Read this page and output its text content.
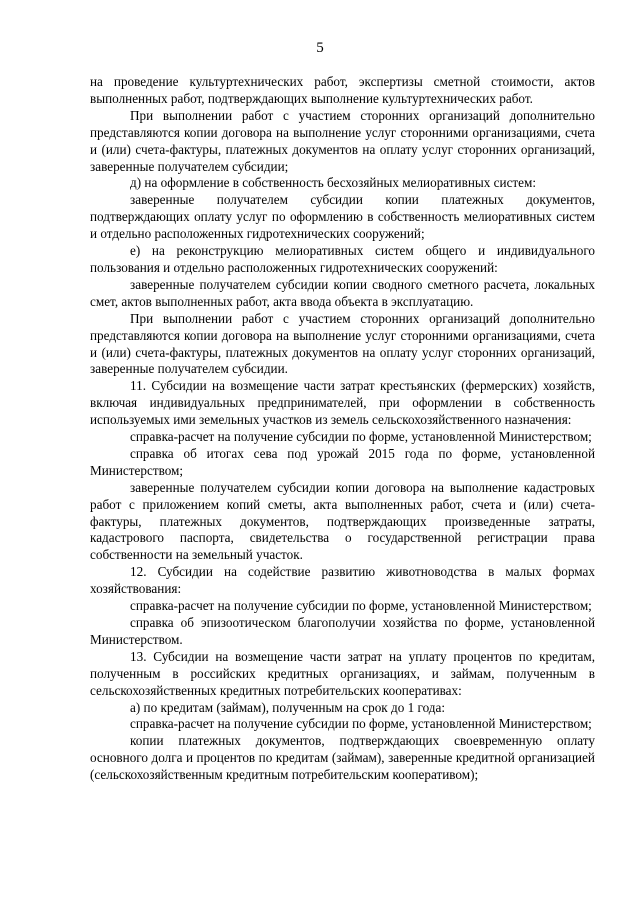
5

на проведение культуртехнических работ, экспертизы сметной стоимости, актов выполненных работ, подтверждающих выполнение культуртехнических работ.

При выполнении работ с участием сторонних организаций дополнительно представляются копии договора на выполнение услуг сторонними организациями, счета и (или) счета-фактуры, платежных документов на оплату услуг сторонних организаций, заверенные получателем субсидии;

д) на оформление в собственность бесхозяйных мелиоративных систем:

заверенные получателем субсидии копии платежных документов, подтверждающих оплату услуг по оформлению в собственность мелиоративных систем и отдельно расположенных гидротехнических сооружений;

е) на реконструкцию мелиоративных систем общего и индивидуального пользования и отдельно расположенных гидротехнических сооружений:

заверенные получателем субсидии копии сводного сметного расчета, локальных смет, актов выполненных работ, акта ввода объекта в эксплуатацию.

При выполнении работ с участием сторонних организаций дополнительно представляются копии договора на выполнение услуг сторонними организациями, счета и (или) счета-фактуры, платежных документов на оплату услуг сторонних организаций, заверенные получателем субсидии.

11. Субсидии на возмещение части затрат крестьянских (фермерских) хозяйств, включая индивидуальных предпринимателей, при оформлении в собственность используемых ими земельных участков из земель сельскохозяйственного назначения:

справка-расчет на получение субсидии по форме, установленной Министерством;

справка об итогах сева под урожай 2015 года по форме, установленной Министерством;

заверенные получателем субсидии копии договора на выполнение кадастровых работ с приложением копий сметы, акта выполненных работ, счета и (или) счета-фактуры, платежных документов, подтверждающих произведенные затраты, кадастрового паспорта, свидетельства о государственной регистрации права собственности на земельный участок.

12. Субсидии на содействие развитию животноводства в малых формах хозяйствования:

справка-расчет на получение субсидии по форме, установленной Министерством;

справка об эпизоотическом благополучии хозяйства по форме, установленной Министерством.

13. Субсидии на возмещение части затрат на уплату процентов по кредитам, полученным в российских кредитных организациях, и займам, полученным в сельскохозяйственных кредитных потребительских кооперативах:

а) по кредитам (займам), полученным на срок до 1 года:

справка-расчет на получение субсидии по форме, установленной Министерством;

копии платежных документов, подтверждающих своевременную оплату основного долга и процентов по кредитам (займам), заверенные кредитной организацией (сельскохозяйственным кредитным потребительским кооперативом);
